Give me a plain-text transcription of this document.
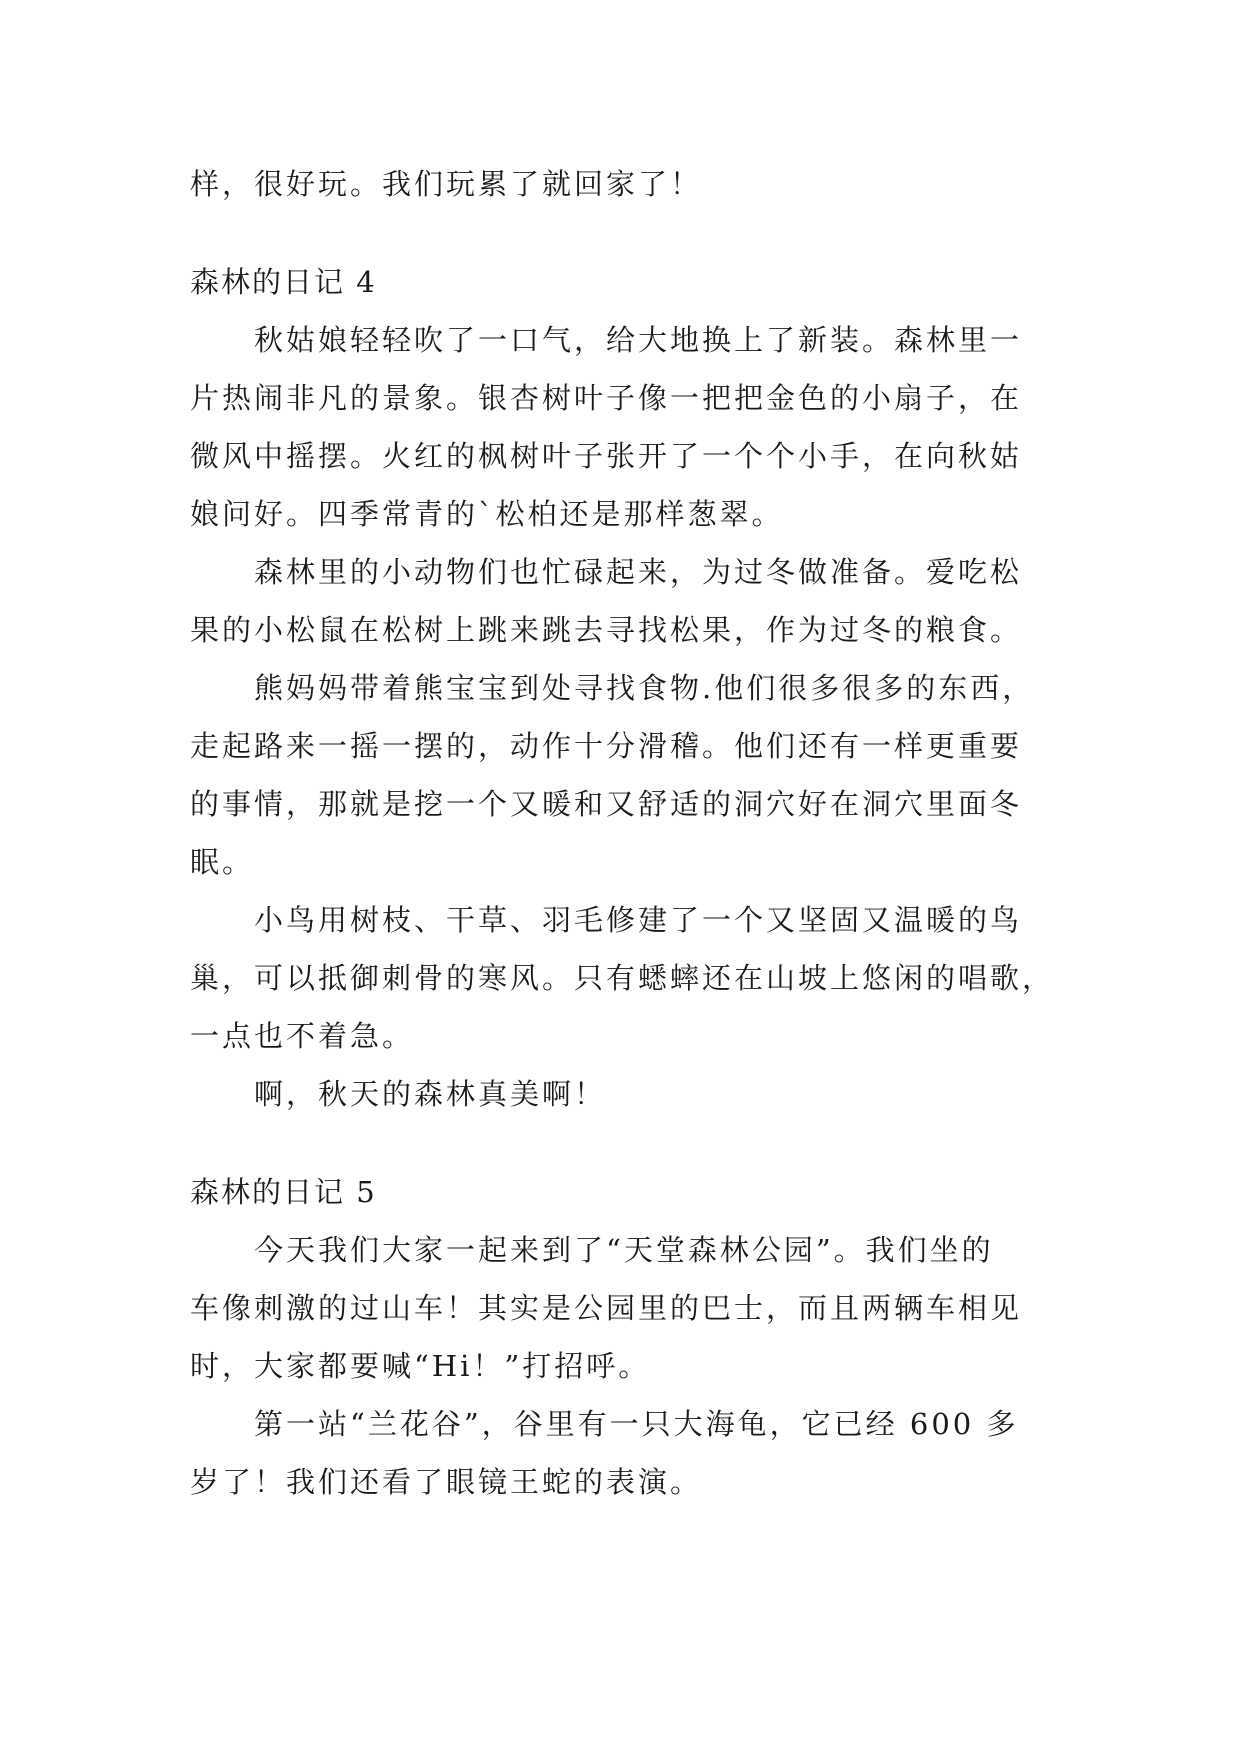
样，很好玩。我们玩累了就回家了！
森林的日记 4
秋姑娘轻轻吹了一口气，给大地换上了新装。森林里一
片热闹非凡的景象。银杏树叶子像一把把金色的小扇子，在
微风中摇摆。火红的枫树叶子张开了一个个小手，在向秋姑
娘问好。四季常青的`松柏还是那样葱翠。
森林里的小动物们也忙碌起来，为过冬做准备。爱吃松
果的小松鼠在松树上跳来跳去寻找松果，作为过冬的粮食。
熊妈妈带着熊宝宝到处寻找食物.他们很多很多的东西，
走起路来一摇一摆的，动作十分滑稽。他们还有一样更重要
的事情，那就是挖一个又暖和又舒适的洞穴好在洞穴里面冬
眠。
小鸟用树枝、干草、羽毛修建了一个又坚固又温暖的鸟
巢，可以抵御刺骨的寒风。只有蟋蟀还在山坡上悠闲的唱歌，
一点也不着急。
啊，秋天的森林真美啊！
森林的日记 5
今天我们大家一起来到了“天堂森林公园”。我们坐的
车像刺激的过山车！其实是公园里的巴士，而且两辆车相见
时，大家都要喊“Hi！”打招呼。
第一站“兰花谷”，谷里有一只大海龟，它已经 600 多
岁了！我们还看了眼镜王蛇的表演。
